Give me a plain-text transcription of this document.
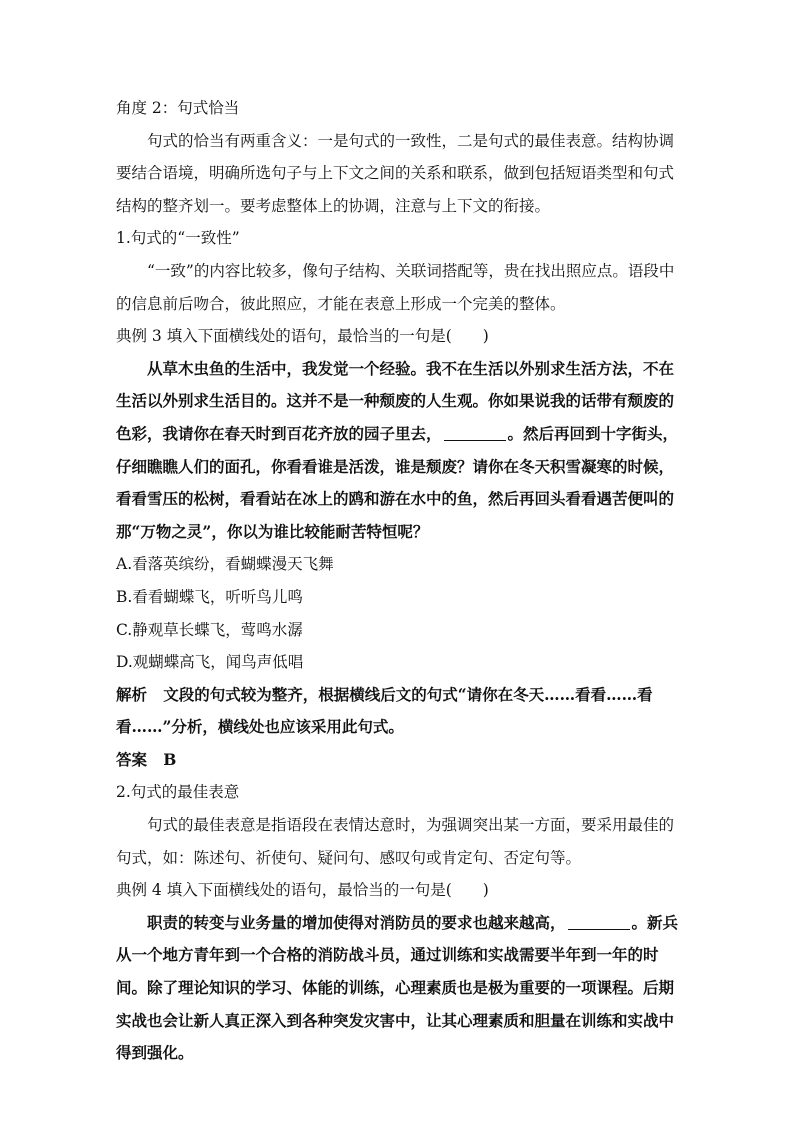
角度 2：句式恰当

句式的恰当有两重含义：一是句式的一致性，二是句式的最佳表意。结构协调要结合语境，明确所选句子与上下文之间的关系和联系，做到包括短语类型和句式结构的整齐划一。要考虑整体上的协调，注意与上下文的衔接。

1.句式的“一致性”

“一致”的内容比较多，像句子结构、关联词搭配等，贵在找出照应点。语段中的信息前后吻合，彼此照应，才能在表意上形成一个完美的整体。

典例 3 填入下面横线处的语句，最恰当的一句是(　　)

从草木虫鱼的生活中，我发觉一个经验。我不在生活以外别求生活方法，不在生活以外别求生活目的。这并不是一种颓废的人生观。你如果说我的话带有颓废的色彩，我请你在春天时到百花齐放的园子里去，	。然后再回到十字街头，仔细瞧瞧人们的面孔，你看看谁是活泼，谁是颓废？请你在冬天积雪凝寒的时候，看看雪压的松树，看看站在冰上的鸥和游在水中的鱼，然后再回头看看遇苦便叫的那“万物之灵”，你以为谁比较能耐苦特恒呢？

A.看落英缤纷，看蝴蝶漫天飞舞

B.看看蝴蝶飞，听听鸟儿鸣

C.静观草长蝶飞，莺鸣水潺

D.观蝴蝶高飞，闻鸟声低唱

解析 文段的句式较为整齐，根据横线后文的句式“请你在冬天……看看……看看……”分析，横线处也应该采用此句式。

答案 B

2.句式的最佳表意

句式的最佳表意是指语段在表情达意时，为强调突出某一方面，要采用最佳的句式，如：陈述句、祈使句、疑问句、感叹句或肯定句、否定句等。

典例 4 填入下面横线处的语句，最恰当的一句是(　　)

职责的转变与业务量的增加使得对消防员的要求也越来越高，	。新兵从一个地方青年到一个合格的消防战斗员，通过训练和实战需要半年到一年的时间。除了理论知识的学习、体能的训练，心理素质也是极为重要的一项课程。后期实战也会让新人真正深入到各种突发灾害中，让其心理素质和胆量在训练和实战中得到强化。
